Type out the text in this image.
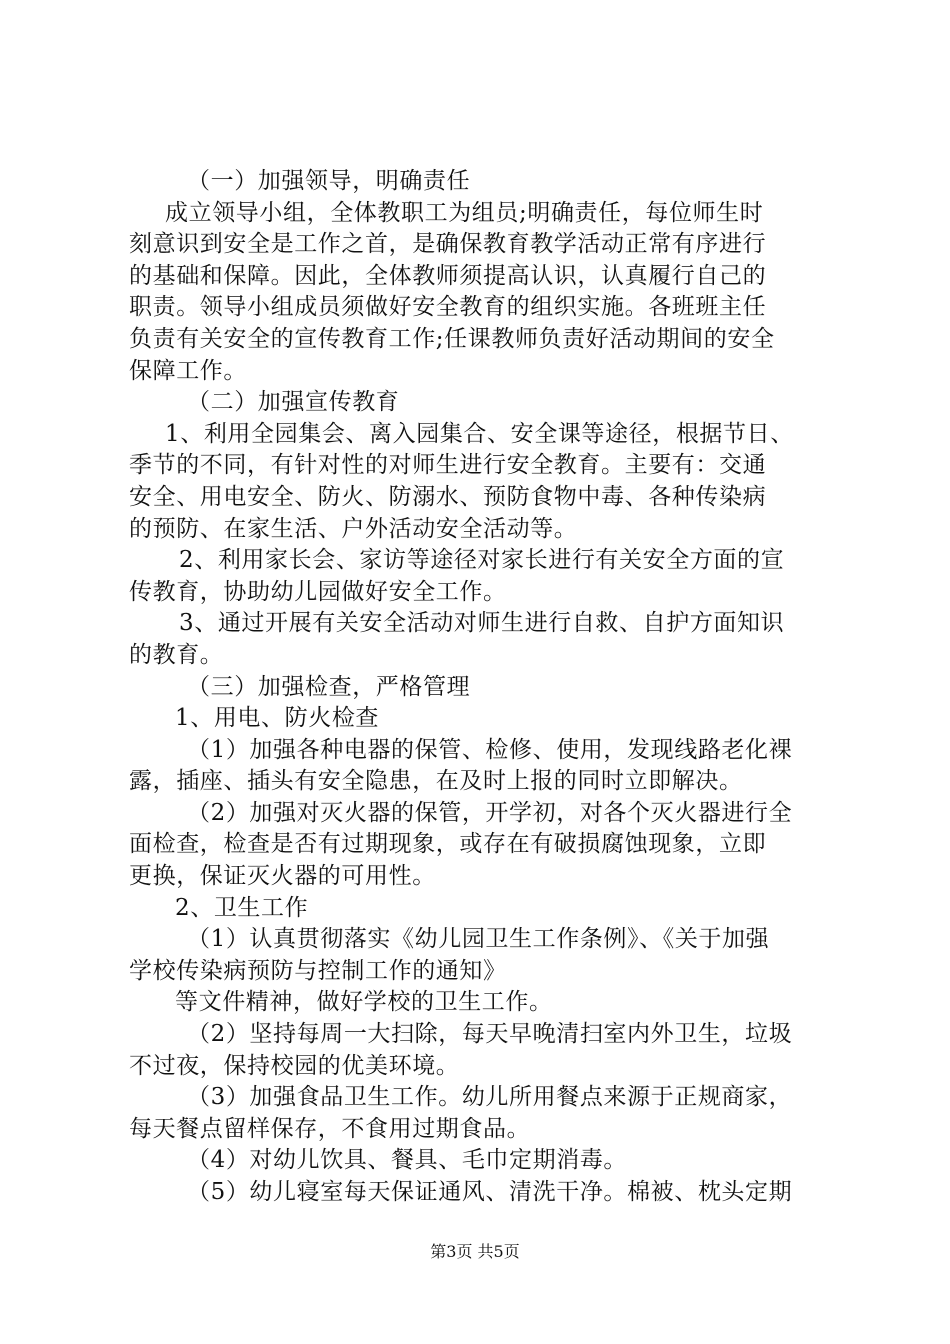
（一）加强领导，明确责任
成立领导小组，全体教职工为组员;明确责任，每位师生时
刻意识到安全是工作之首，是确保教育教学活动正常有序进行
的基础和保障。因此，全体教师须提高认识，认真履行自己的
职责。领导小组成员须做好安全教育的组织实施。各班班主任
负责有关安全的宣传教育工作;任课教师负责好活动期间的安全
保障工作。
（二）加强宣传教育
1、利用全园集会、离入园集合、安全课等途径，根据节日、
季节的不同，有针对性的对师生进行安全教育。主要有：交通
安全、用电安全、防火、防溺水、预防食物中毒、各种传染病
的预防、在家生活、户外活动安全活动等。
2、利用家长会、家访等途径对家长进行有关安全方面的宣
传教育，协助幼儿园做好安全工作。
3、通过开展有关安全活动对师生进行自救、自护方面知识
的教育。
（三）加强检查，严格管理
1、用电、防火检查
（1）加强各种电器的保管、检修、使用，发现线路老化裸
露，插座、插头有安全隐患，在及时上报的同时立即解决。
（2）加强对灭火器的保管，开学初，对各个灭火器进行全
面检查，检查是否有过期现象，或存在有破损腐蚀现象，立即
更换，保证灭火器的可用性。
2、卫生工作
（1）认真贯彻落实《幼儿园卫生工作条例》、《关于加强
学校传染病预防与控制工作的通知》
等文件精神，做好学校的卫生工作。
（2）坚持每周一大扫除，每天早晚清扫室内外卫生，垃圾
不过夜，保持校园的优美环境。
（3）加强食品卫生工作。幼儿所用餐点来源于正规商家，
每天餐点留样保存，不食用过期食品。
（4）对幼儿饮具、餐具、毛巾定期消毒。
（5）幼儿寝室每天保证通风、清洗干净。棉被、枕头定期
第3页 共5页
